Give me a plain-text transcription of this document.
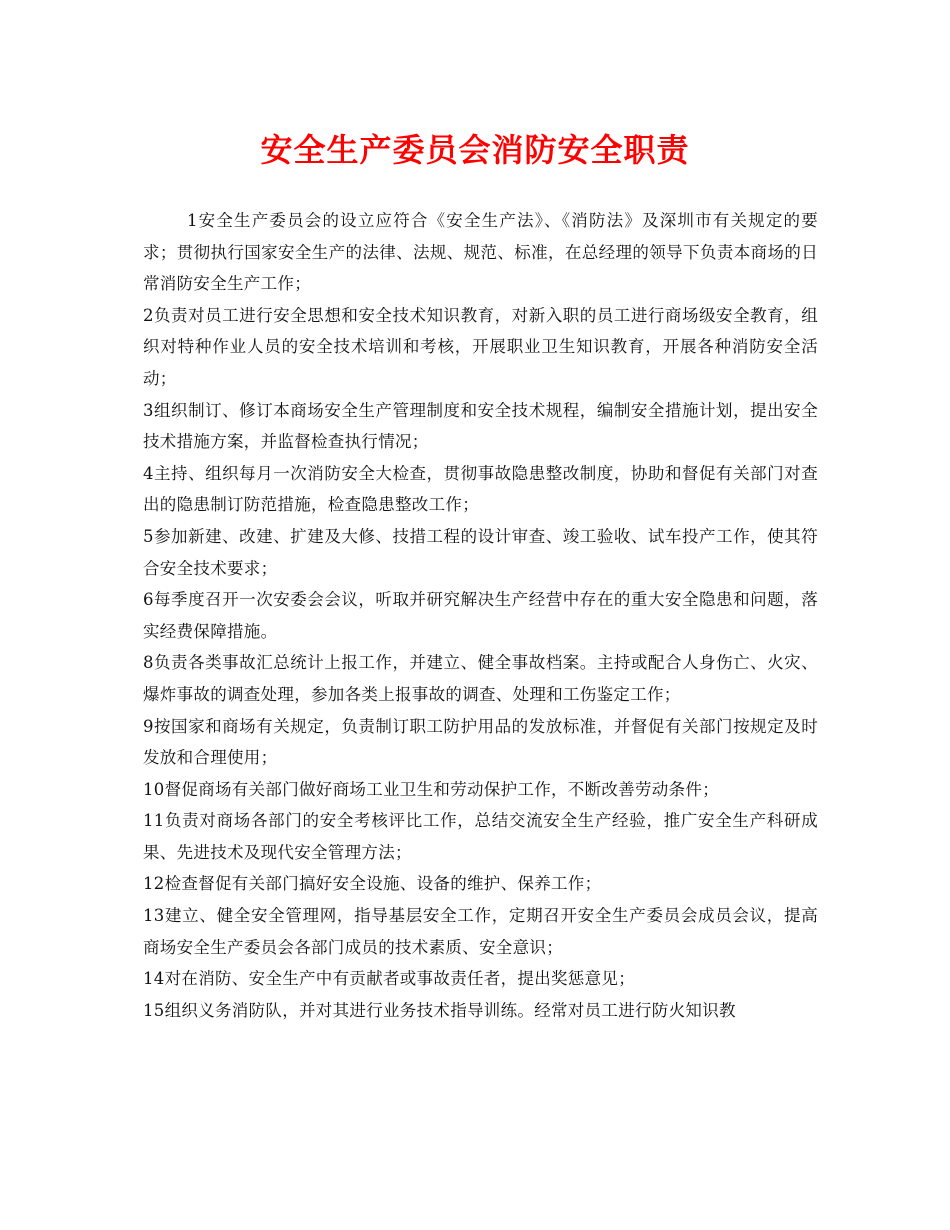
安全生产委员会消防安全职责

1安全生产委员会的设立应符合《安全生产法》、《消防法》及深圳市有关规定的要求；贯彻执行国家安全生产的法律、法规、规范、标准，在总经理的领导下负责本商场的日常消防安全生产工作；

2负责对员工进行安全思想和安全技术知识教育，对新入职的员工进行商场级安全教育，组织对特种作业人员的安全技术培训和考核，开展职业卫生知识教育，开展各种消防安全活动；

3组织制订、修订本商场安全生产管理制度和安全技术规程，编制安全措施计划，提出安全技术措施方案，并监督检查执行情况；

4主持、组织每月一次消防安全大检查，贯彻事故隐患整改制度，协助和督促有关部门对查出的隐患制订防范措施，检查隐患整改工作；

5参加新建、改建、扩建及大修、技措工程的设计审查、竣工验收、试车投产工作，使其符合安全技术要求；

6每季度召开一次安委会会议，听取并研究解决生产经营中存在的重大安全隐患和问题，落实经费保障措施。

8负责各类事故汇总统计上报工作，并建立、健全事故档案。主持或配合人身伤亡、火灾、爆炸事故的调查处理，参加各类上报事故的调查、处理和工伤鉴定工作；

9按国家和商场有关规定，负责制订职工防护用品的发放标准，并督促有关部门按规定及时发放和合理使用；

10督促商场有关部门做好商场工业卫生和劳动保护工作，不断改善劳动条件；

11负责对商场各部门的安全考核评比工作，总结交流安全生产经验，推广安全生产科研成果、先进技术及现代安全管理方法；

12检查督促有关部门搞好安全设施、设备的维护、保养工作；

13建立、健全安全管理网，指导基层安全工作，定期召开安全生产委员会成员会议，提高商场安全生产委员会各部门成员的技术素质、安全意识；

14对在消防、安全生产中有贡献者或事故责任者，提出奖惩意见；

15组织义务消防队，并对其进行业务技术指导训练。经常对员工进行防火知识教
